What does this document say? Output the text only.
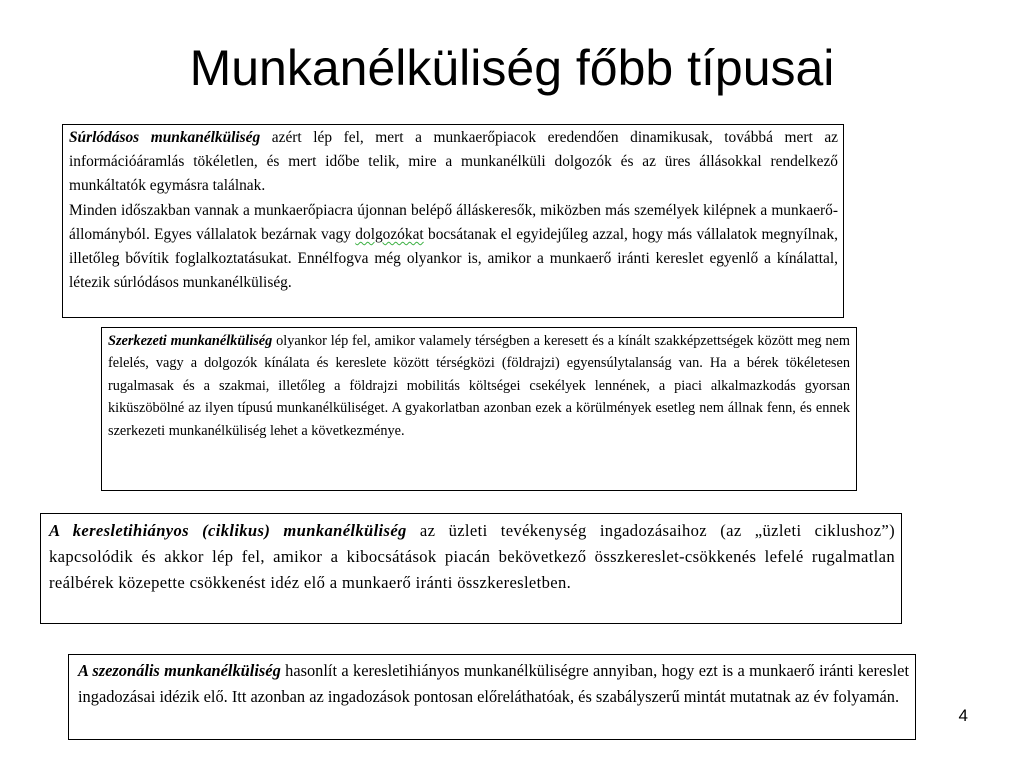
Munkanélküliség főbb típusai

Súrlódásos munkanélküliség azért lép fel, mert a munkaerőpiacok eredendően dinamikusak, továbbá mert az információáramlás tökéletlen, és mert időbe telik, mire a munkanélküli dolgozók és az üres állásokkal rendelkező munkáltatók egymásra találnak.

Minden időszakban vannak a munkaerőpiacra újonnan belépő álláskeresők, miközben más személyek kilépnek a munkaerő-állományból. Egyes vállalatok bezárnak vagy dolgozókat bocsátanak el egyidejűleg azzal, hogy más vállalatok megnyílnak, illetőleg bővítik foglalkoztatásukat. Ennélfogva még olyankor is, amikor a munkaerő iránti kereslet egyenlő a kínálattal, létezik súrlódásos munkanélküliség.

Szerkezeti munkanélküliség olyankor lép fel, amikor valamely térségben a keresett és a kínált szakképzettségek között meg nem felelés, vagy a dolgozók kínálata és kereslete között térségközi (földrajzi) egyensúlytalanság van. Ha a bérek tökéletesen rugalmasak és a szakmai, illetőleg a földrajzi mobilitás költségei csekélyek lennének, a piaci alkalmazkodás gyorsan kiküszöbölné az ilyen típusú munkanélküliséget. A gyakorlatban azonban ezek a körülmények esetleg nem állnak fenn, és ennek szerkezeti munkanélküliség lehet a következménye.

A keresletihiányos (ciklikus) munkanélküliség az üzleti tevékenység ingadozásaihoz (az „üzleti ciklushoz”) kapcsolódik és akkor lép fel, amikor a kibocsátások piacán bekövetkező összkereslet-csökkenés lefelé rugalmatlan reálbérek közepette csökkenést idéz elő a munkaerő iránti összkeresletben.

A szezonális munkanélküliség hasonlít a keresletihiányos munkanélküliségre annyiban, hogy ezt is a munkaerő iránti kereslet ingadozásai idézik elő. Itt azonban az ingadozások pontosan előreláthatóak, és szabályszerű mintát mutatnak az év folyamán.

4
